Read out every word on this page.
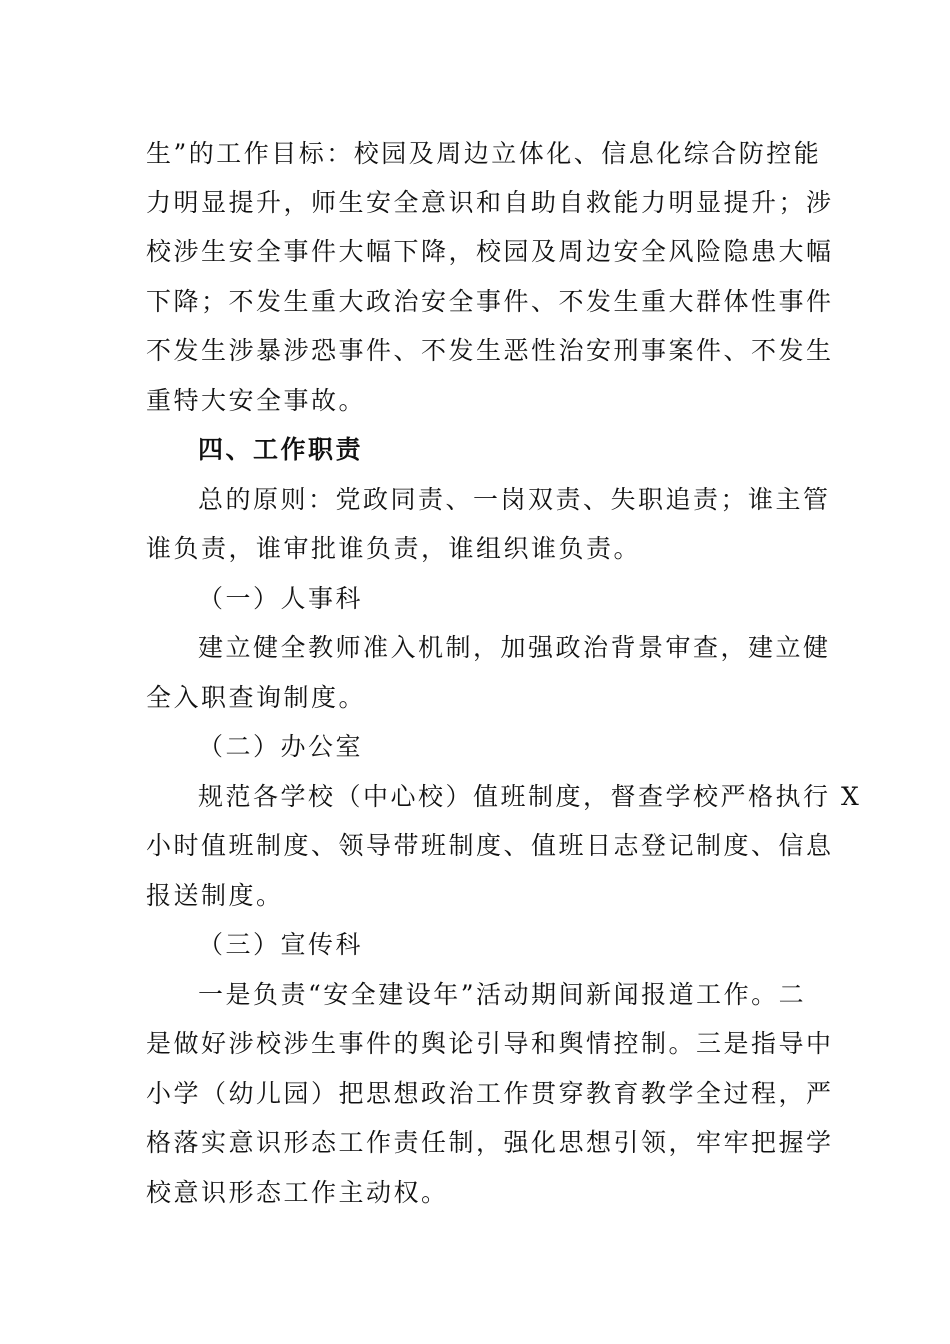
生”的工作目标：校园及周边立体化、信息化综合防控能
力明显提升，师生安全意识和自助自救能力明显提升；涉
校涉生安全事件大幅下降，校园及周边安全风险隐患大幅
下降；不发生重大政治安全事件、不发生重大群体性事件
不发生涉暴涉恐事件、不发生恶性治安刑事案件、不发生
重特大安全事故。
四、工作职责
总的原则：党政同责、一岗双责、失职追责；谁主管
谁负责，谁审批谁负责，谁组织谁负责。
（一）人事科
建立健全教师准入机制，加强政治背景审查，建立健
全入职查询制度。
（二）办公室
规范各学校（中心校）值班制度，督查学校严格执行 X
小时值班制度、领导带班制度、值班日志登记制度、信息
报送制度。
（三）宣传科
一是负责“安全建设年”活动期间新闻报道工作。二
是做好涉校涉生事件的舆论引导和舆情控制。三是指导中
小学（幼儿园）把思想政治工作贯穿教育教学全过程，严
格落实意识形态工作责任制，强化思想引领，牢牢把握学
校意识形态工作主动权。
